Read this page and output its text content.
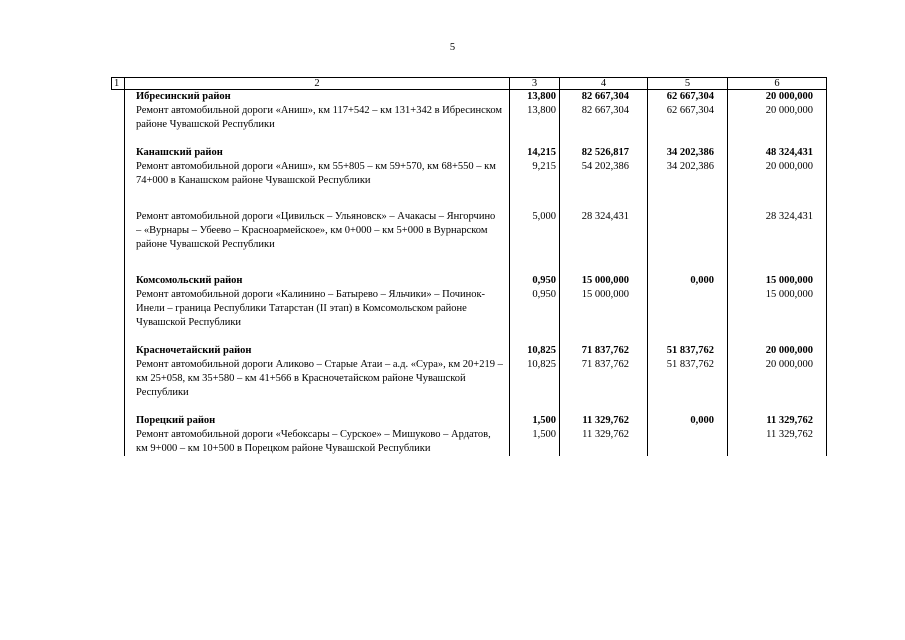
5
1	2	3	4	5	6
	Ибресинский район	13,800	82 667,304	62 667,304	20 000,000
	Ремонт автомобильной дороги «Аниш», км 117+542 – км 131+342 в Ибресинском районе Чувашской Республики	13,800	82 667,304	62 667,304	20 000,000

	Канашский район	14,215	82 526,817	34 202,386	48 324,431
	Ремонт автомобильной дороги «Аниш», км 55+805 – км 59+570, км 68+550 – км 74+000 в Канашском районе Чувашской Республики	9,215	54 202,386	34 202,386	20 000,000

	Ремонт автомобильной дороги «Цивильск – Ульяновск» – Ачакасы – Янгорчино – «Вурнары – Убеево – Красноармейское», км 0+000 – км 5+000 в Вурнарском районе Чувашской Республики	5,000	28 324,431		28 324,431

	Комсомольский район	0,950	15 000,000	0,000	15 000,000
	Ремонт автомобильной дороги «Калинино – Батырево – Яльчики» – Починок-Инели – граница Республики Татарстан (II этап) в Комсомольском районе Чувашской Республики	0,950	15 000,000		15 000,000

	Красночетайский район	10,825	71 837,762	51 837,762	20 000,000
	Ремонт автомобильной дороги Аликово – Старые Атаи – а.д. «Сура», км 20+219 – км 25+058, км 35+580 – км 41+566 в Красночетайском районе Чувашской Республики	10,825	71 837,762	51 837,762	20 000,000

	Порецкий район	1,500	11 329,762	0,000	11 329,762
	Ремонт автомобильной дороги «Чебоксары – Сурское» – Мишуково – Ардатов, км 9+000 – км 10+500 в Порецком районе Чувашской Республики	1,500	11 329,762		11 329,762
